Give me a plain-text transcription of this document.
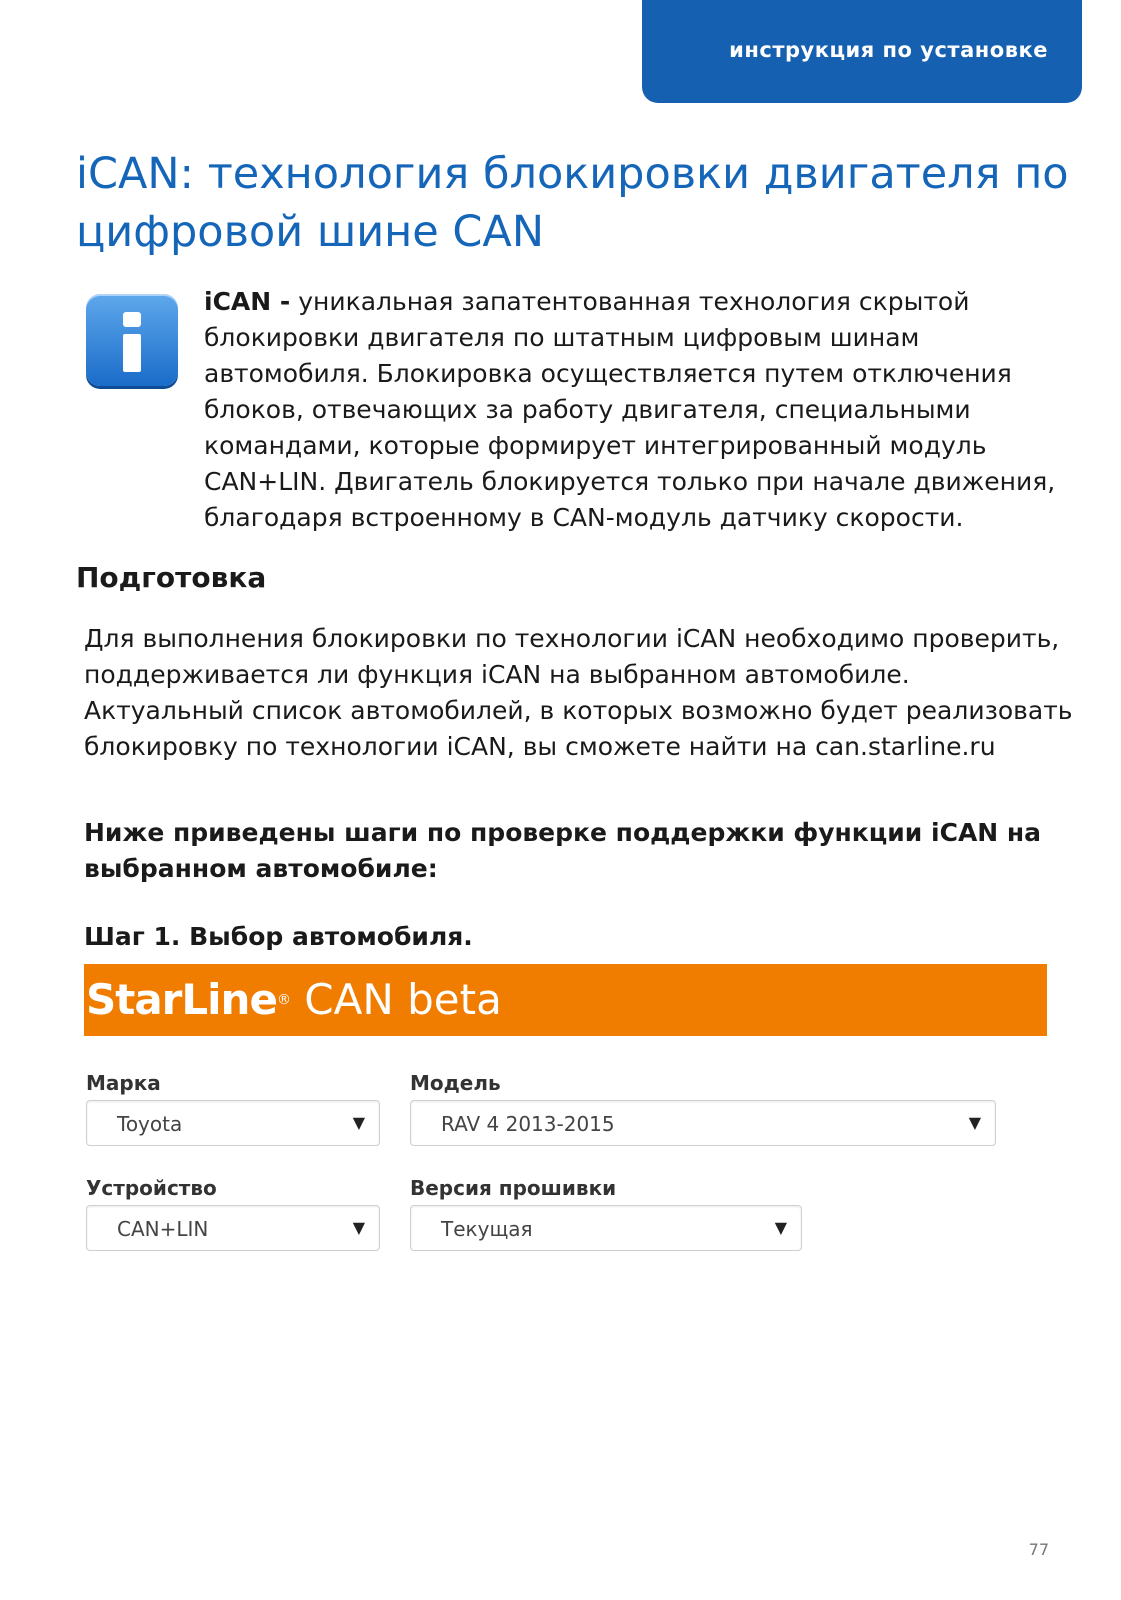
инструкция по установке
iCAN: технология блокировки двигателя по цифровой шине CAN

iCAN - уникальная запатентованная технология скрытой блокировки двигателя по штатным цифровым шинам автомобиля. Блокировка осуществляется путем отключения блоков, отвечающих за работу двигателя, специальными командами, которые формирует интегрированный модуль CAN+LIN. Двигатель блокируется только при начале движения, благодаря встроенному в CAN-модуль датчику скорости.

Подготовка

Для выполнения блокировки по технологии iCAN необходимо проверить, поддерживается ли функция iCAN на выбранном автомобиле. Актуальный список автомобилей, в которых возможно будет реализовать блокировку по технологии iCAN, вы сможете найти на can.starline.ru

Ниже приведены шаги по проверке поддержки функции iCAN на выбранном автомобиле:

Шаг 1. Выбор автомобиля.
StarLine® CAN beta
Марка
Toyota	▼
Модель
RAV 4 2013-2015	▼
Устройство
CAN+LIN	▼
Версия прошивки
Текущая	▼
77
